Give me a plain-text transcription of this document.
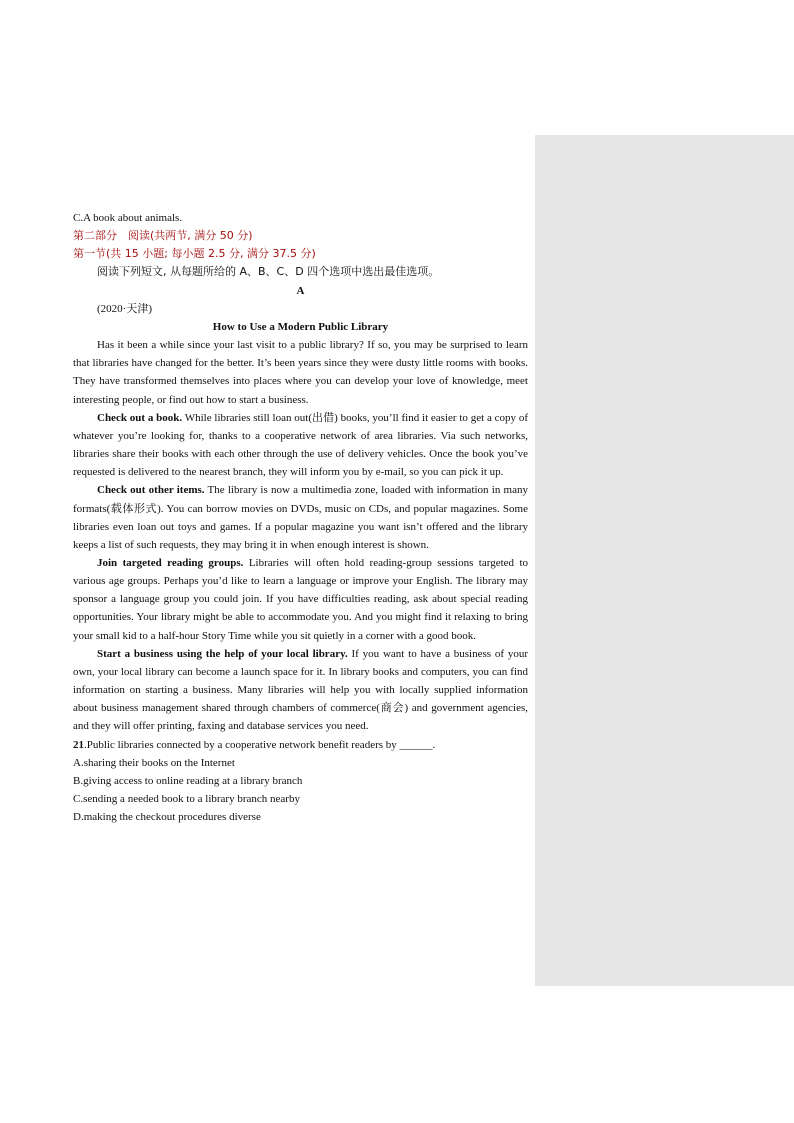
C.A book about animals.

第二部分　阅读(共两节, 满分 50 分)

第一节(共 15 小题; 每小题 2.5 分, 满分 37.5 分)

阅读下列短文, 从每题所给的 A、B、C、D 四个选项中选出最佳选项。

A

(2020·天津)

How to Use a Modern Public Library

Has it been a while since your last visit to a public library? If so, you may be surprised to learn that libraries have changed for the better. It’s been years since they were dusty little rooms with books. They have transformed themselves into places where you can develop your love of knowledge, meet interesting people, or find out how to start a business.

Check out a book. While libraries still loan out(出借) books, you’ll find it easier to get a copy of whatever you’re looking for, thanks to a cooperative network of area libraries. Via such networks, libraries share their books with each other through the use of delivery vehicles. Once the book you’ve requested is delivered to the nearest branch, they will inform you by e-mail, so you can pick it up.

Check out other items. The library is now a multimedia zone, loaded with information in many formats(载体形式). You can borrow movies on DVDs, music on CDs, and popular magazines. Some libraries even loan out toys and games. If a popular magazine you want isn’t offered and the library keeps a list of such requests, they may bring it in when enough interest is shown.

Join targeted reading groups. Libraries will often hold reading-group sessions targeted to various age groups. Perhaps you’d like to learn a language or improve your English. The library may sponsor a language group you could join. If you have difficulties reading, ask about special reading opportunities. Your library might be able to accommodate you. And you might find it relaxing to bring your small kid to a half-hour Story Time while you sit quietly in a corner with a good book.

Start a business using the help of your local library. If you want to have a business of your own, your local library can become a launch space for it. In library books and computers, you can find information on starting a business. Many libraries will help you with locally supplied information about business management shared through chambers of commerce(商会) and government agencies, and they will offer printing, faxing and database services you need.

21.Public libraries connected by a cooperative network benefit readers by ______.

A.sharing their books on the Internet

B.giving access to online reading at a library branch

C.sending a needed book to a library branch nearby

D.making the checkout procedures diverse
